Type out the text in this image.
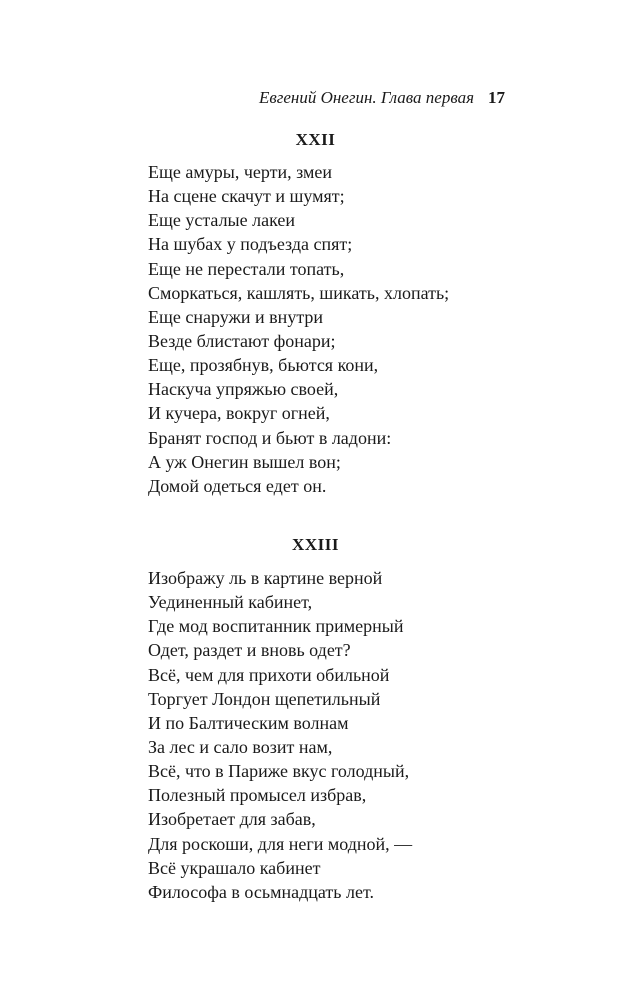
Евгений Онегин. Глава первая 17
XXII
Еще амуры, черти, змеи
На сцене скачут и шумят;
Еще усталые лакеи
На шубах у подъезда спят;
Еще не перестали топать,
Сморкаться, кашлять, шикать, хлопать;
Еще снаружи и внутри
Везде блистают фонари;
Еще, прозябнув, бьются кони,
Наскуча упряжью своей,
И кучера, вокруг огней,
Бранят господ и бьют в ладони:
А уж Онегин вышел вон;
Домой одеться едет он.
XXIII
Изображу ль в картине верной
Уединенный кабинет,
Где мод воспитанник примерный
Одет, раздет и вновь одет?
Всё, чем для прихоти обильной
Торгует Лондон щепетильный
И по Балтическим волнам
За лес и сало возит нам,
Всё, что в Париже вкус голодный,
Полезный промысел избрав,
Изобретает для забав,
Для роскоши, для неги модной, —
Всё украшало кабинет
Философа в осьмнадцать лет.
